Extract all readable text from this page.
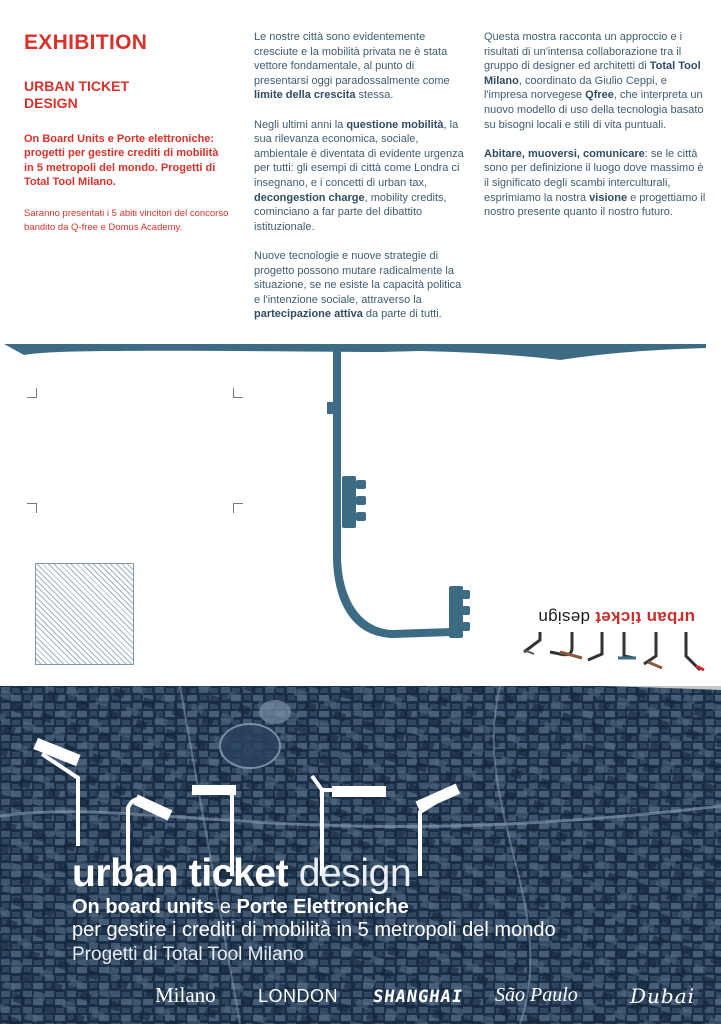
EXHIBITION
URBAN TICKET DESIGN
On Board Units e Porte elettroniche: progetti per gestire crediti di mobilità in 5 metropoli del mondo. Progetti di Total Tool Milano.
Saranno presentati i 5 abiti vincitori del concorso bandito da Q-free e Domus Academy.

Le nostre città sono evidentemente cresciute e la mobilità privata ne è stata vettore fondamentale, al punto di presentarsi oggi paradossalmente come limite della crescita stessa.

Negli ultimi anni la questione mobilità, la sua rilevanza economica, sociale, ambientale è diventata di evidente urgenza per tutti: gli esempi di città come Londra ci insegnano, e i concetti di urban tax, decongestion charge, mobility credits, cominciano a far parte del dibattito istituzionale.

Nuove tecnologie e nuove strategie di progetto possono mutare radicalmente la situazione, se ne esiste la capacità politica e l'intenzione sociale, attraverso la partecipazione attiva da parte di tutti.

Questa mostra racconta un approccio e i risultati di un'intensa collaborazione tra il gruppo di designer ed architetti di Total Tool Milano, coordinato da Giulio Ceppi, e l'impresa norvegese Qfree, che interpreta un nuovo modello di uso della tecnologia basato su bisogni locali e stili di vita puntuali.

Abitare, muoversi, comunicare: se le città sono per definizione il luogo dove massimo è il significato degli scambi interculturali, esprimiamo la nostra visione e progettiamo il nostro presente quanto il nostro futuro.

urban ticket design
urban ticket design
On board units e Porte Elettroniche
per gestire i crediti di mobilità in 5 metropoli del mondo
Progetti di Total Tool Milano
Milano LONDON SHANGHAI São Paulo	Dubai
